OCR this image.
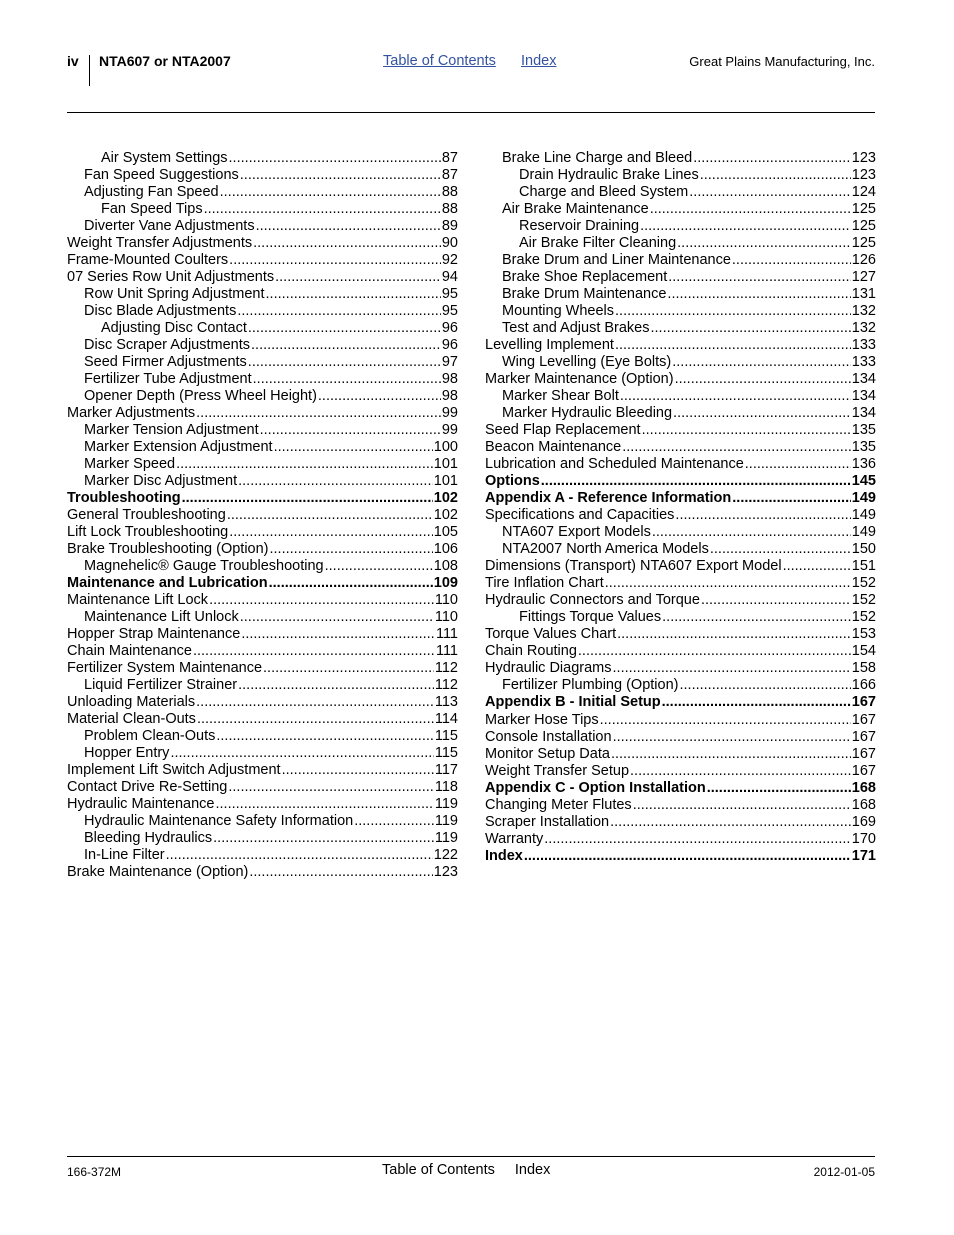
iv NTA607 or NTA2007	Table of Contents Index	Great Plains Manufacturing, Inc.
Air System Settings .....	87
Fan Speed Suggestions .....	87
Adjusting Fan Speed .....	88
Fan Speed Tips .....	88
Diverter Vane Adjustments .....	89
Weight Transfer Adjustments .....	90
Frame-Mounted Coulters .....	92
07 Series Row Unit Adjustments .....	94
Row Unit Spring Adjustment .....	95
Disc Blade Adjustments .....	95
Adjusting Disc Contact .....	96
Disc Scraper Adjustments .....	96
Seed Firmer Adjustments .....	97
Fertilizer Tube Adjustment .....	98
Opener Depth (Press Wheel Height) .....	98
Marker Adjustments .....	99
Marker Tension Adjustment .....	99
Marker Extension Adjustment .....	100
Marker Speed .....	101
Marker Disc Adjustment .....	101
Troubleshooting .....	102
General Troubleshooting .....	102
Lift Lock Troubleshooting .....	105
Brake Troubleshooting (Option) .....	106
Magnehelic® Gauge Troubleshooting .....	108
Maintenance and Lubrication .....	109
Maintenance Lift Lock .....	110
Maintenance Lift Unlock .....	110
Hopper Strap Maintenance .....	111
Chain Maintenance .....	111
Fertilizer System Maintenance .....	112
Liquid Fertilizer Strainer .....	112
Unloading Materials .....	113
Material Clean-Outs .....	114
Problem Clean-Outs .....	115
Hopper Entry .....	115
Implement Lift Switch Adjustment .....	117
Contact Drive Re-Setting .....	118
Hydraulic Maintenance .....	119
Hydraulic Maintenance Safety Information .....	119
Bleeding Hydraulics .....	119
In-Line Filter .....	122
Brake Maintenance (Option) .....	123
Brake Line Charge and Bleed .....	123
Drain Hydraulic Brake Lines .....	123
Charge and Bleed System .....	124
Air Brake Maintenance .....	125
Reservoir Draining .....	125
Air Brake Filter Cleaning .....	125
Brake Drum and Liner Maintenance .....	126
Brake Shoe Replacement .....	127
Brake Drum Maintenance .....	131
Mounting Wheels .....	132
Test and Adjust Brakes .....	132
Levelling Implement .....	133
Wing Levelling (Eye Bolts) .....	133
Marker Maintenance (Option) .....	134
Marker Shear Bolt .....	134
Marker Hydraulic Bleeding .....	134
Seed Flap Replacement .....	135
Beacon Maintenance .....	135
Lubrication and Scheduled Maintenance .....	136
Options .....	145
Appendix A - Reference Information .....	149
Specifications and Capacities .....	149
NTA607 Export Models .....	149
NTA2007 North America Models .....	150
Dimensions (Transport) NTA607 Export Model .....	151
Tire Inflation Chart .....	152
Hydraulic Connectors and Torque .....	152
Fittings Torque Values .....	152
Torque Values Chart .....	153
Chain Routing .....	154
Hydraulic Diagrams .....	158
Fertilizer Plumbing (Option) .....	166
Appendix B - Initial Setup .....	167
Marker Hose Tips .....	167
Console Installation .....	167
Monitor Setup Data .....	167
Weight Transfer Setup .....	167
Appendix C - Option Installation .....	168
Changing Meter Flutes .....	168
Scraper Installation .....	169
Warranty .....	170
Index .....	171
166-372M	Table of Contents Index	2012-01-05
